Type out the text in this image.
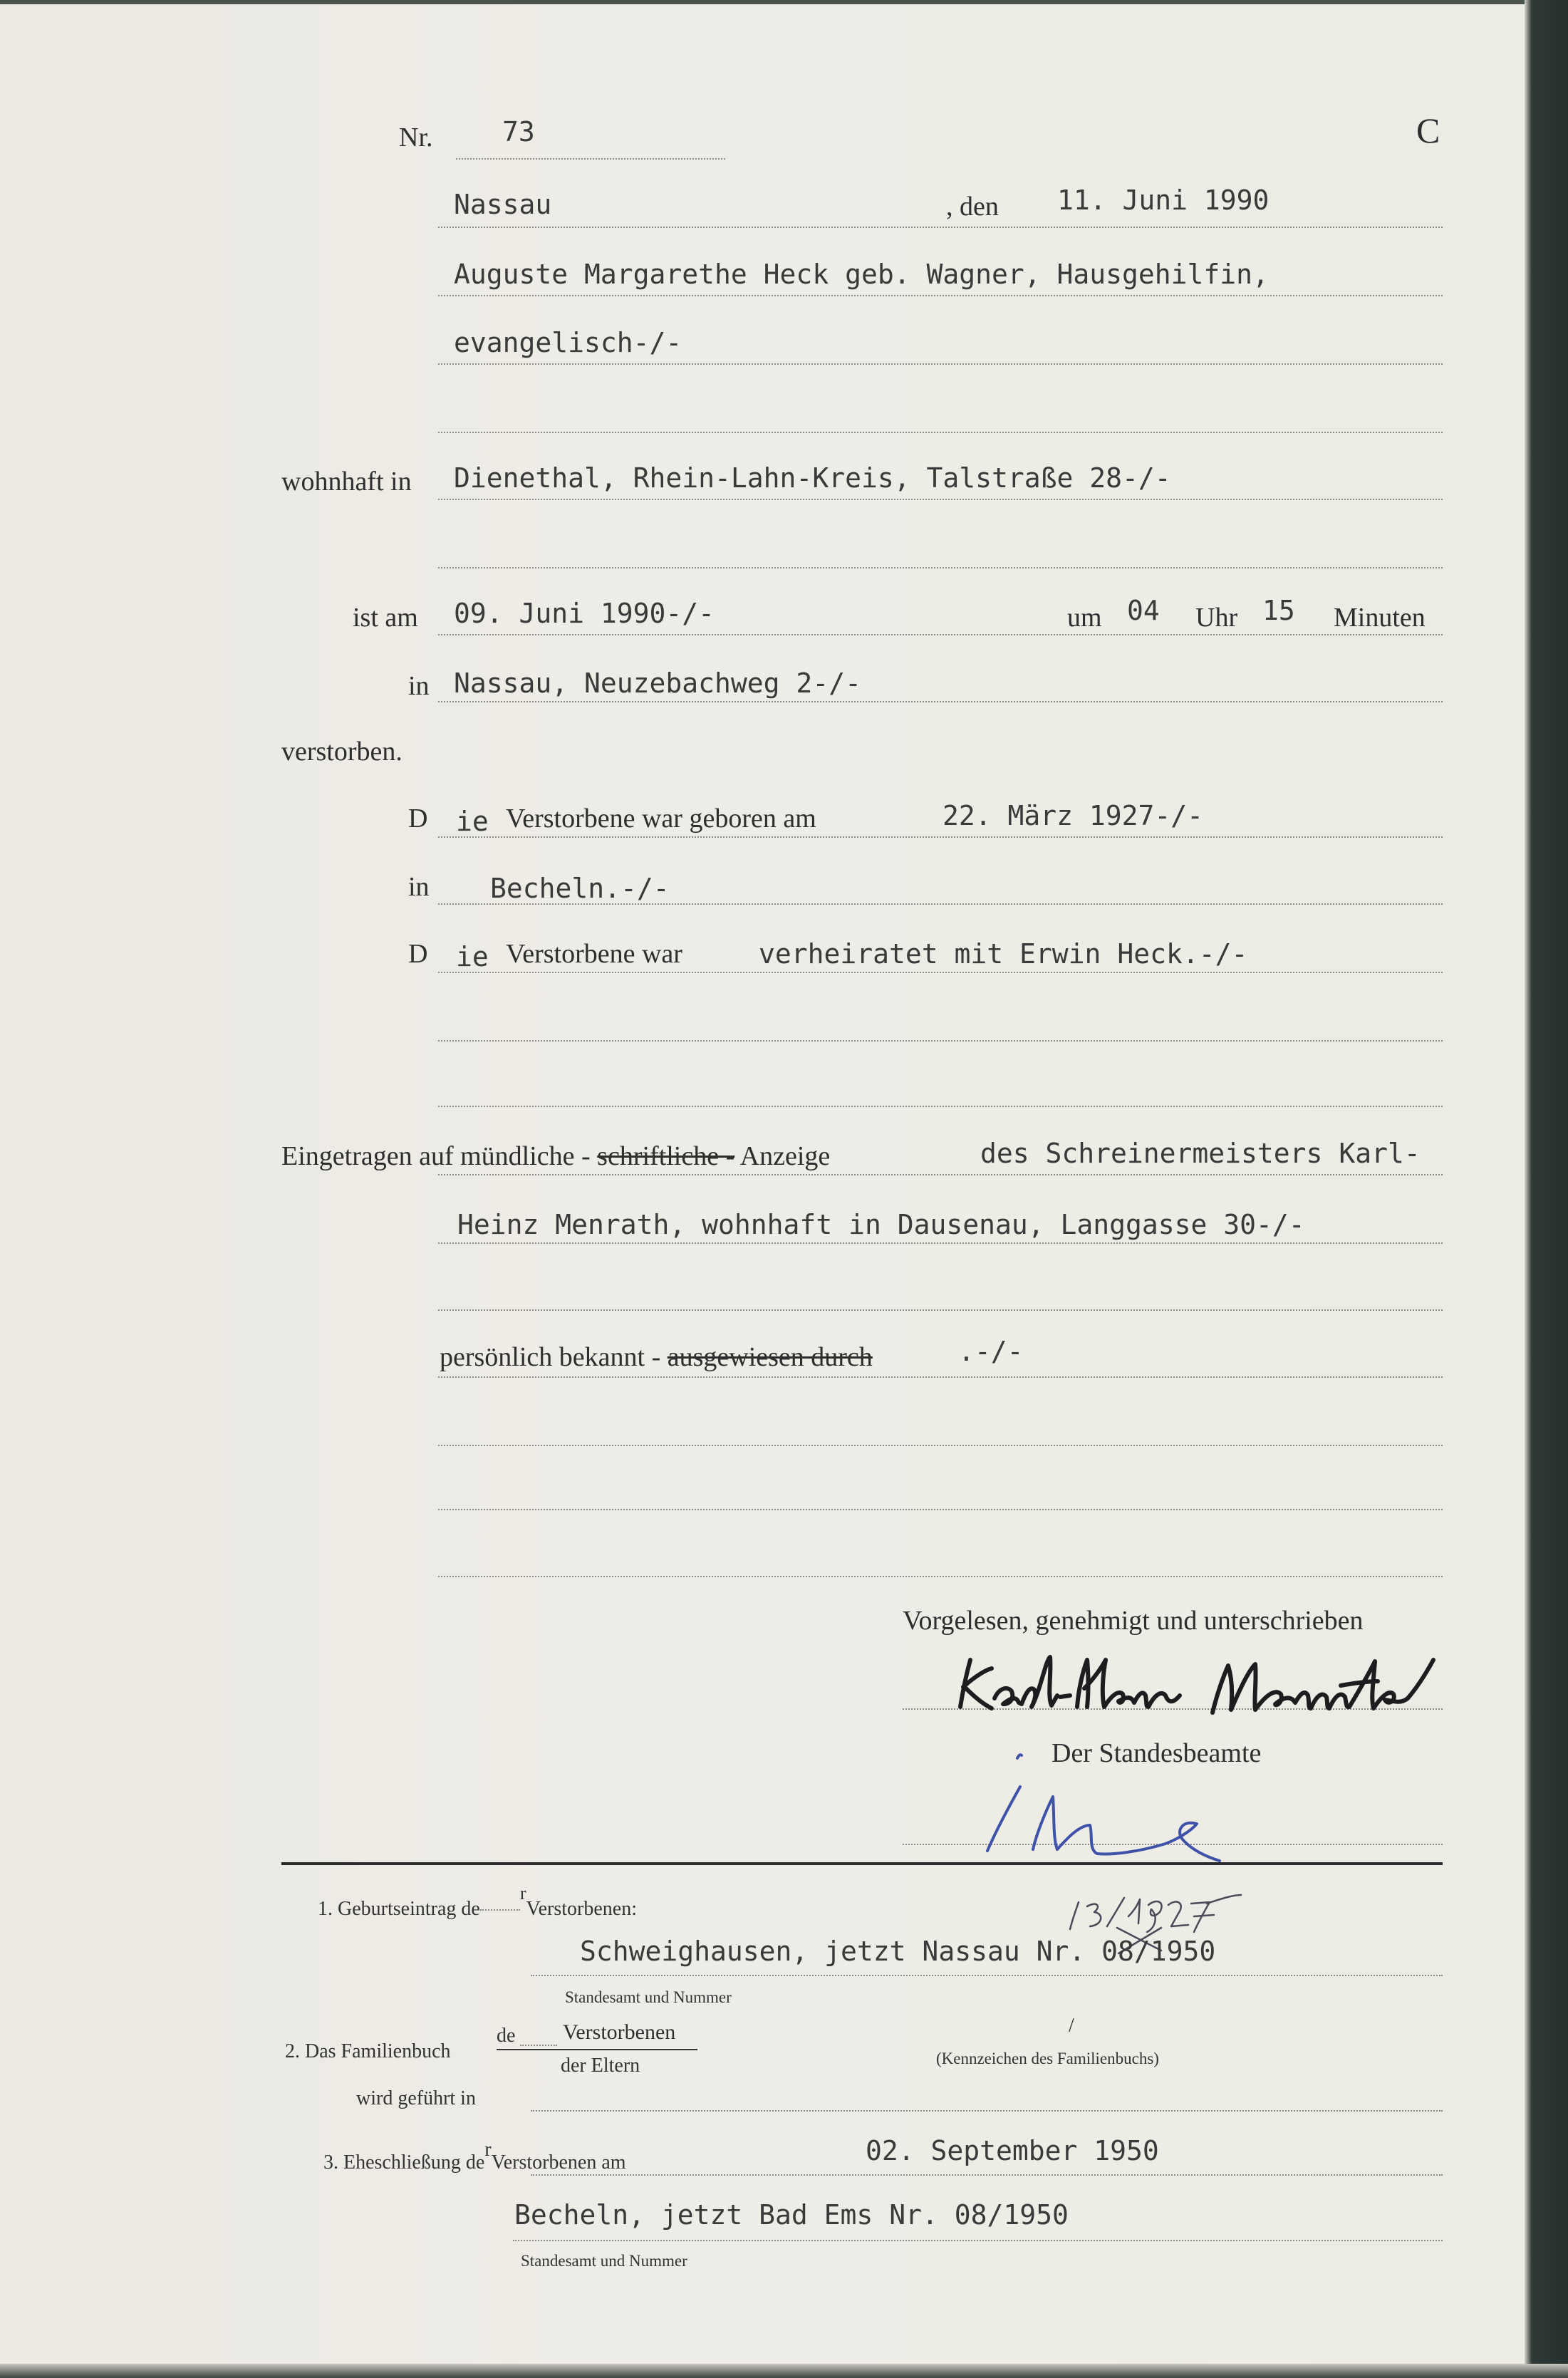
Nr.	73	C
Nassau	, den 11. Juni 1990
Auguste Margarethe Heck geb. Wagner, Hausgehilfin,
evangelisch-/-
wohnhaft in Dienethal, Rhein-Lahn-Kreis, Talstraße 28-/-
ist am 09. Juni 1990-/-	um 04 Uhr 15 Minuten
in Nassau, Neuzebachweg 2-/-
verstorben.
D ie Verstorbene war geboren am	22. März 1927-/-
in Becheln.-/-
D ie Verstorbene war	verheiratet mit Erwin Heck.-/-
Eingetragen auf mündliche - schriftliche - Anzeige	des Schreinermeisters Karl-
Heinz Menrath, wohnhaft in Dausenau, Langgasse 30-/-
persönlich bekannt - ausgewiesen durch	.-/-
Vorgelesen, genehmigt und unterschrieben
Der Standesbeamte
1. Geburtseintrag derVerstorbenen:
Schweighausen, jetzt Nassau Nr. 08/1950
Standesamt und Nummer
2. Das Familienbuch
de Verstorbenen
der Eltern
/
(Kennzeichen des Familienbuchs)
wird geführt in
3. Eheschließung derVerstorbenen am	02. September 1950
Becheln, jetzt Bad Ems Nr. 08/1950
Standesamt und Nummer
